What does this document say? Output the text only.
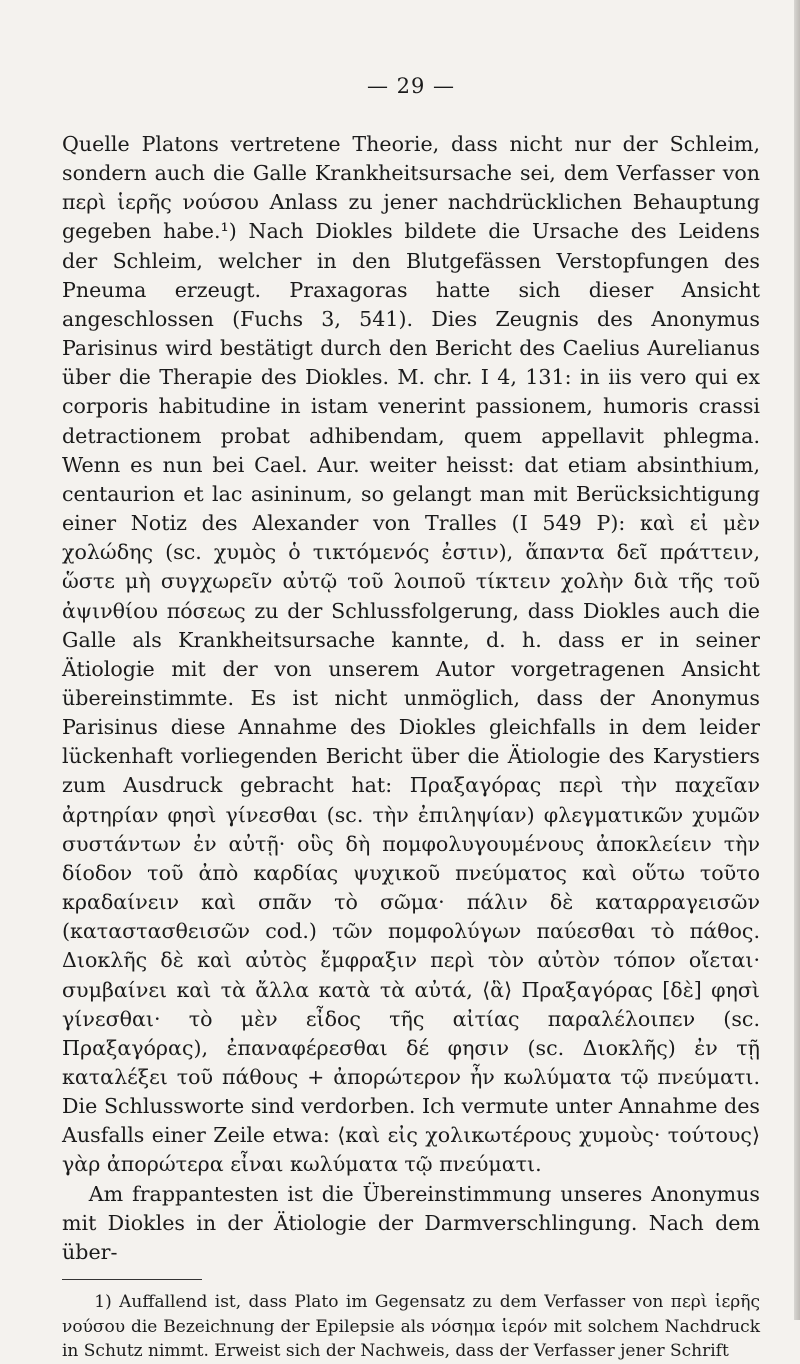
— 29 —

Quelle Platons vertretene Theorie, dass nicht nur der Schleim, sondern auch die Galle Krankheitsursache sei, dem Verfasser von περὶ ἱερῆς νούσου Anlass zu jener nachdrücklichen Behauptung gegeben habe.¹) Nach Diokles bildete die Ursache des Leidens der Schleim, welcher in den Blutgefässen Verstopfungen des Pneuma erzeugt. Praxagoras hatte sich dieser Ansicht angeschlossen (Fuchs 3, 541). Dies Zeugnis des Anonymus Parisinus wird bestätigt durch den Bericht des Caelius Aurelianus über die Therapie des Diokles. M. chr. I 4, 131: in iis vero qui ex corporis habitudine in istam venerint passionem, humoris crassi detractionem probat adhibendam, quem appellavit phlegma. Wenn es nun bei Cael. Aur. weiter heisst: dat etiam absinthium, centaurion et lac asininum, so gelangt man mit Berücksichtigung einer Notiz des Alexander von Tralles (I 549 P): καὶ εἰ μὲν χολώδης (sc. χυμὸς ὁ τικτόμενός ἐστιν), ἅπαντα δεῖ πράττειν, ὥστε μὴ συγχωρεῖν αὐτῷ τοῦ λοιποῦ τίκτειν χολὴν διὰ τῆς τοῦ ἀψινθίου πόσεως zu der Schlussfolgerung, dass Diokles auch die Galle als Krankheitsursache kannte, d. h. dass er in seiner Ätiologie mit der von unserem Autor vorgetragenen Ansicht übereinstimmte. Es ist nicht unmöglich, dass der Anonymus Parisinus diese Annahme des Diokles gleichfalls in dem leider lückenhaft vorliegenden Bericht über die Ätiologie des Karystiers zum Ausdruck gebracht hat: Πραξαγόρας περὶ τὴν παχεῖαν ἀρτηρίαν φησὶ γίνεσθαι (sc. τὴν ἐπιληψίαν) φλεγματικῶν χυμῶν συστάντων ἐν αὐτῇ· οὓς δὴ πομφολυγουμένους ἀποκλείειν τὴν δίοδον τοῦ ἀπὸ καρδίας ψυχικοῦ πνεύματος καὶ οὕτω τοῦτο κραδαίνειν καὶ σπᾶν τὸ σῶμα· πάλιν δὲ καταρραγεισῶν (καταστασθεισῶν cod.) τῶν πομφολύγων παύεσθαι τὸ πάθος. Διοκλῆς δὲ καὶ αὐτὸς ἔμφραξιν περὶ τὸν αὐτὸν τόπον οἴεται· συμβαίνει καὶ τὰ ἄλλα κατὰ τὰ αὐτά, ⟨ἃ⟩ Πραξαγόρας [δὲ] φησὶ γίνεσθαι· τὸ μὲν εἶδος τῆς αἰτίας παραλέλοιπεν (sc. Πραξαγόρας), ἐπαναφέρεσθαι δέ φησιν (sc. Διοκλῆς) ἐν τῇ καταλέξει τοῦ πάθους + ἀπορώτερον ἦν κωλύματα τῷ πνεύματι. Die Schlussworte sind verdorben. Ich vermute unter Annahme des Ausfalls einer Zeile etwa: ⟨καὶ εἰς χολικωτέρους χυμοὺς· τούτους⟩ γὰρ ἀπορώτερα εἶναι κωλύματα τῷ πνεύματι.

Am frappantesten ist die Übereinstimmung unseres Anonymus mit Diokles in der Ätiologie der Darmverschlingung. Nach dem über-

1) Auffallend ist, dass Plato im Gegensatz zu dem Verfasser von περὶ ἱερῆς νούσου die Bezeichnung der Epilepsie als νόσημα ἱερόν mit solchem Nachdruck in Schutz nimmt. Erweist sich der Nachweis, dass der Verfasser jener Schrift
